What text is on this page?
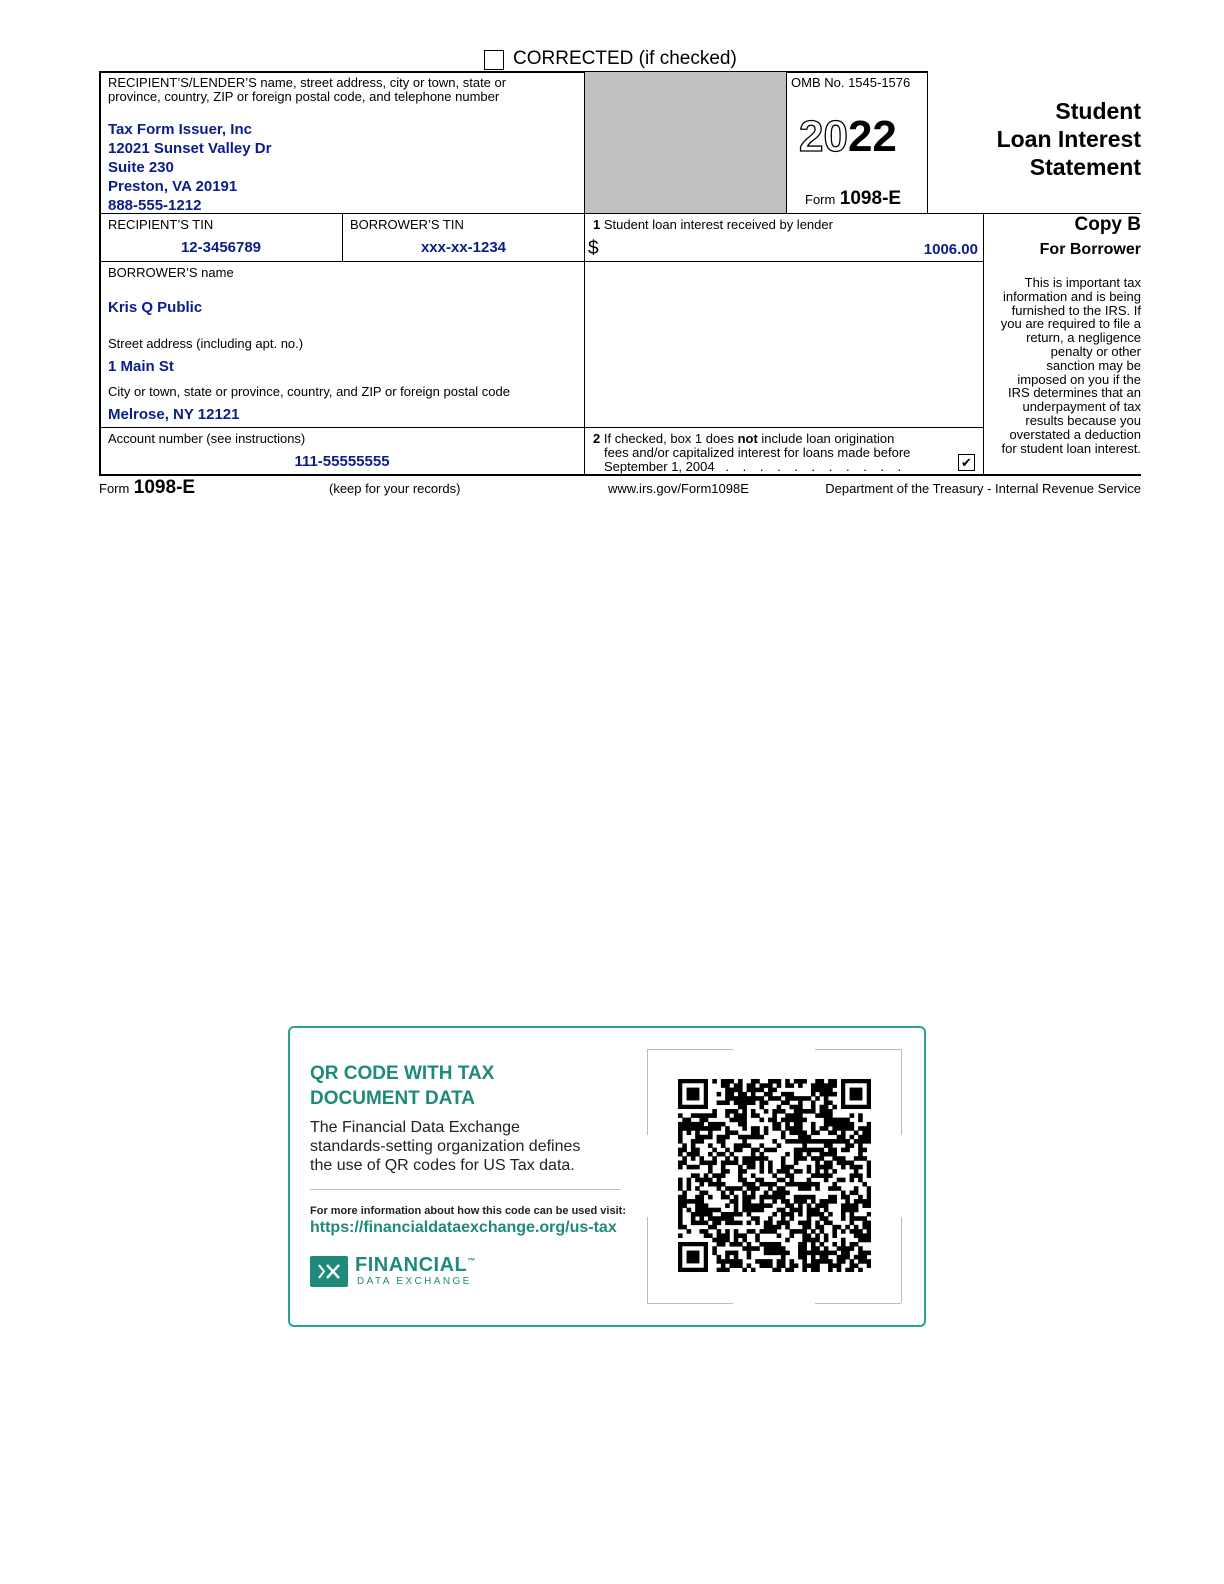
CORRECTED (if checked)
RECIPIENT’S/LENDER’S name, street address, city or town, state or
province, country, ZIP or foreign postal code, and telephone number
Tax Form Issuer, Inc
12021 Sunset Valley Dr
Suite 230
Preston, VA 20191
888-555-1212
OMB No. 1545-1576
2022
Form 1098-E
Student
Loan Interest
Statement
RECIPIENT’S TIN
12-3456789
BORROWER’S TIN
xxx-xx-1234
1 Student loan interest received by lender
$	1006.00
Copy B
For Borrower
This is important tax
information and is being
furnished to the IRS. If
you are required to file a
return, a negligence
penalty or other
sanction may be
imposed on you if the
IRS determines that an
underpayment of tax
results because you
overstated a deduction
for student loan interest.
BORROWER’S name
Kris Q Public
Street address (including apt. no.)
1 Main St
City or town, state or province, country, and ZIP or foreign postal code
Melrose, NY 12121
Account number (see instructions)
111-55555555
2 If checked, box 1 does not include loan origination
fees and/or capitalized interest for loans made before
September 1, 2004 . . . . . . . . . . .	✔
Form 1098-E	(keep for your records)	www.irs.gov/Form1098E	Department of the Treasury - Internal Revenue Service
QR CODE WITH TAX
DOCUMENT DATA
The Financial Data Exchange
standards-setting organization defines
the use of QR codes for US Tax data.
For more information about how this code can be used visit:
https://financialdataexchange.org/us-tax
FINANCIAL™
DATA EXCHANGE
